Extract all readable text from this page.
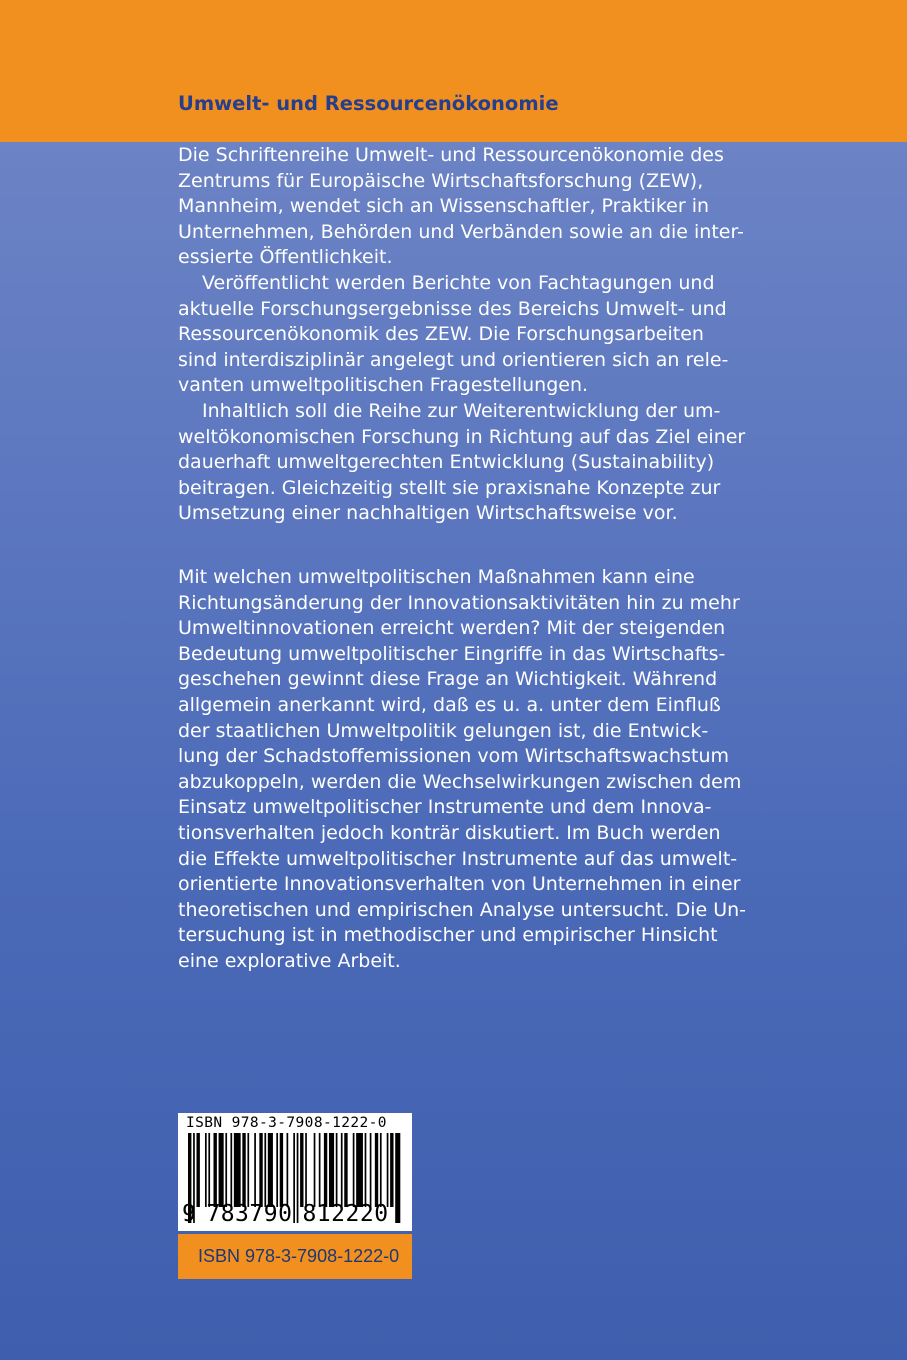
Umwelt- und Ressourcenökonomie
Die Schriftenreihe Umwelt- und Ressourcenökonomie des
Zentrums für Europäische Wirtschaftsforschung (ZEW),
Mannheim, wendet sich an Wissenschaftler, Praktiker in
Unternehmen, Behörden und Verbänden sowie an die inter-
essierte Öffentlichkeit.
Veröffentlicht werden Berichte von Fachtagungen und
aktuelle Forschungsergebnisse des Bereichs Umwelt- und
Ressourcenökonomik des ZEW. Die Forschungsarbeiten
sind interdisziplinär angelegt und orientieren sich an rele-
vanten umweltpolitischen Fragestellungen.
Inhaltlich soll die Reihe zur Weiterentwicklung der um-
weltökonomischen Forschung in Richtung auf das Ziel einer
dauerhaft umweltgerechten Entwicklung (Sustainability)
beitragen. Gleichzeitig stellt sie praxisnahe Konzepte zur
Umsetzung einer nachhaltigen Wirtschaftsweise vor.
Mit welchen umweltpolitischen Maßnahmen kann eine
Richtungsänderung der Innovationsaktivitäten hin zu mehr
Umweltinnovationen erreicht werden? Mit der steigenden
Bedeutung umweltpolitischer Eingriffe in das Wirtschafts-
geschehen gewinnt diese Frage an Wichtigkeit. Während
allgemein anerkannt wird, daß es u. a. unter dem Einfluß
der staatlichen Umweltpolitik gelungen ist, die Entwick-
lung der Schadstoffemissionen vom Wirtschaftswachstum
abzukoppeln, werden die Wechselwirkungen zwischen dem
Einsatz umweltpolitischer Instrumente und dem Innova-
tionsverhalten jedoch konträr diskutiert. Im Buch werden
die Effekte umweltpolitischer Instrumente auf das umwelt-
orientierte Innovationsverhalten von Unternehmen in einer
theoretischen und empirischen Analyse untersucht. Die Un-
tersuchung ist in methodischer und empirischer Hinsicht
eine explorative Arbeit.
ISBN 978-3-7908-1222-0
9 783790 812220
ISBN 978-3-7908-1222-0
